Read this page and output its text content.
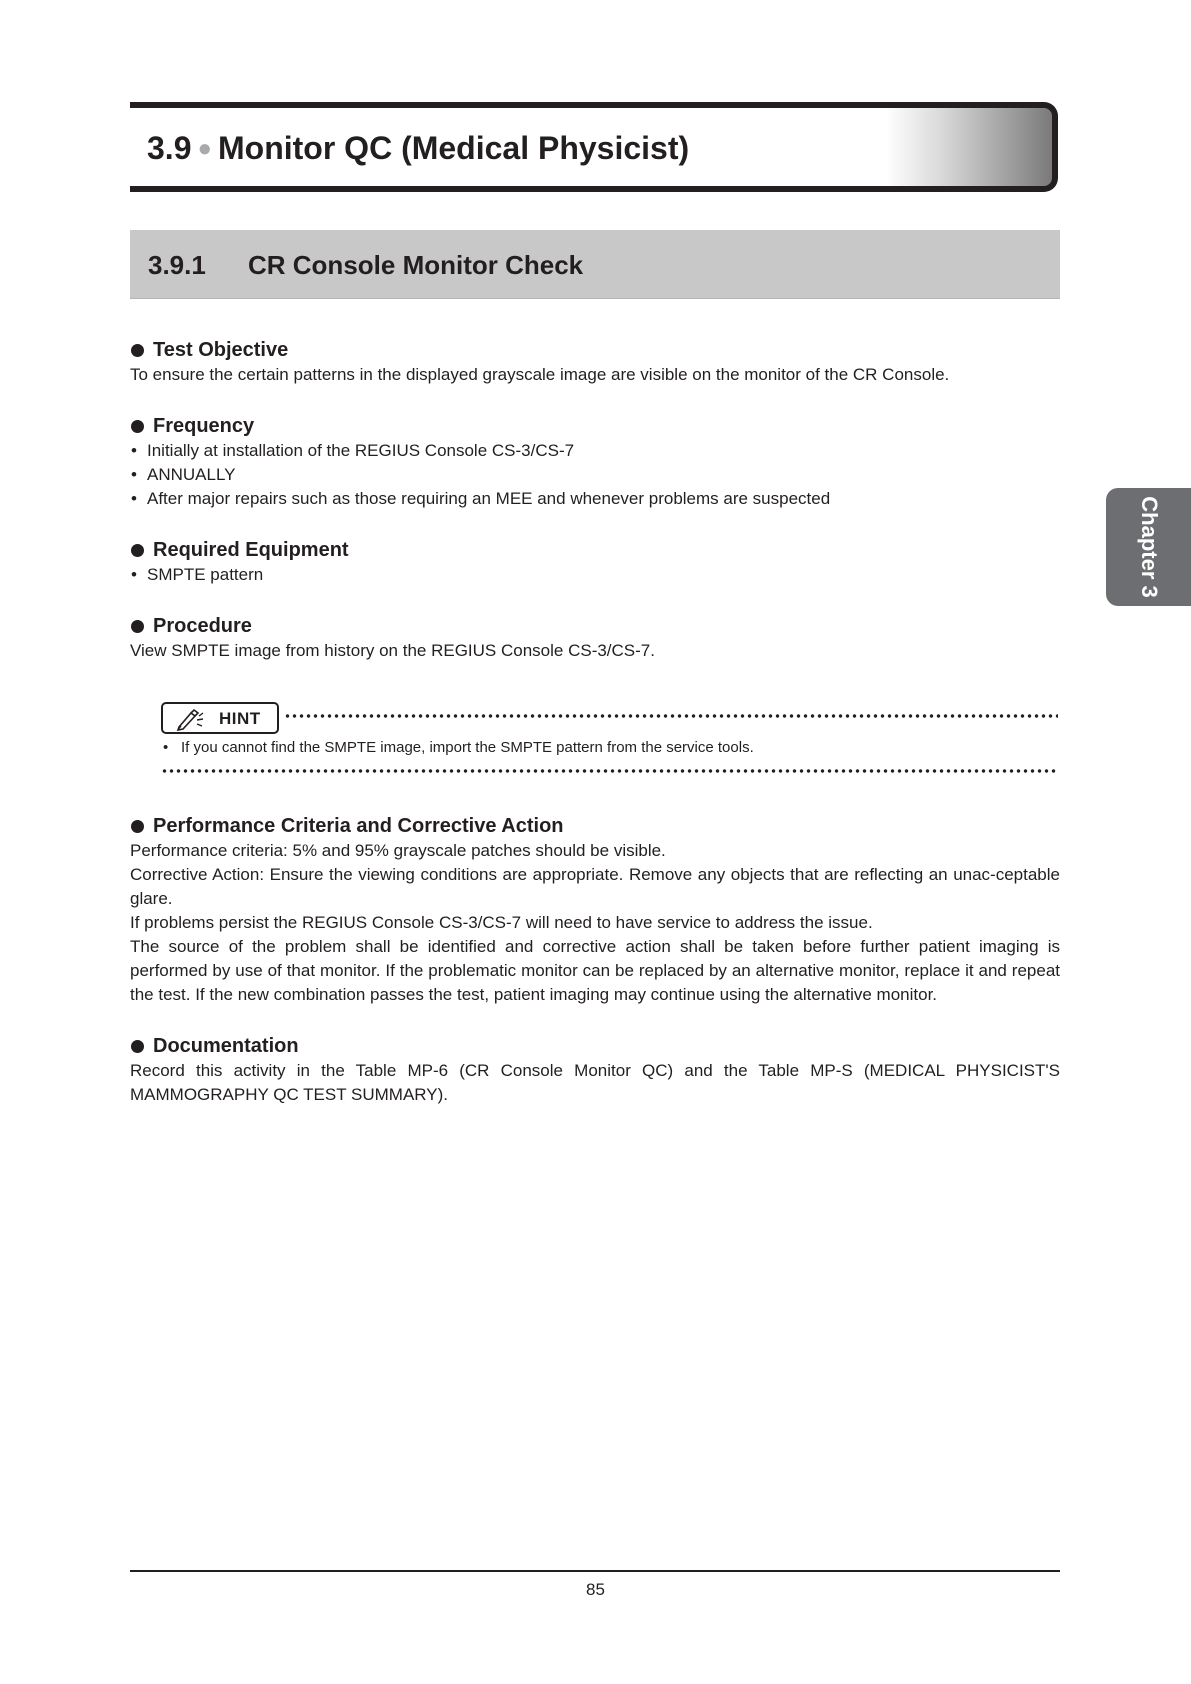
3.9 ● Monitor QC (Medical Physicist)
3.9.1 CR Console Monitor Check
Chapter 3
Test Objective
To ensure the certain patterns in the displayed grayscale image are visible on the monitor of the CR Console.
Frequency
• Initially at installation of the REGIUS Console CS-3/CS-7
• ANNUALLY
• After major repairs such as those requiring an MEE and whenever problems are suspected
Required Equipment
• SMPTE pattern
Procedure
View SMPTE image from history on the REGIUS Console CS-3/CS-7.
HINT
• If you cannot find the SMPTE image, import the SMPTE pattern from the service tools.
Performance Criteria and Corrective Action
Performance criteria: 5% and 95% grayscale patches should be visible.
Corrective Action: Ensure the viewing conditions are appropriate. Remove any objects that are reflecting an unac-ceptable glare.
If problems persist the REGIUS Console CS-3/CS-7 will need to have service to address the issue.
The source of the problem shall be identified and corrective action shall be taken before further patient imaging is performed by use of that monitor. If the problematic monitor can be replaced by an alternative monitor, replace it and repeat the test. If the new combination passes the test, patient imaging may continue using the alternative monitor.
Documentation
Record this activity in the Table MP-6 (CR Console Monitor QC) and the Table MP-S (MEDICAL PHYSICIST'S MAMMOGRAPHY QC TEST SUMMARY).
85
